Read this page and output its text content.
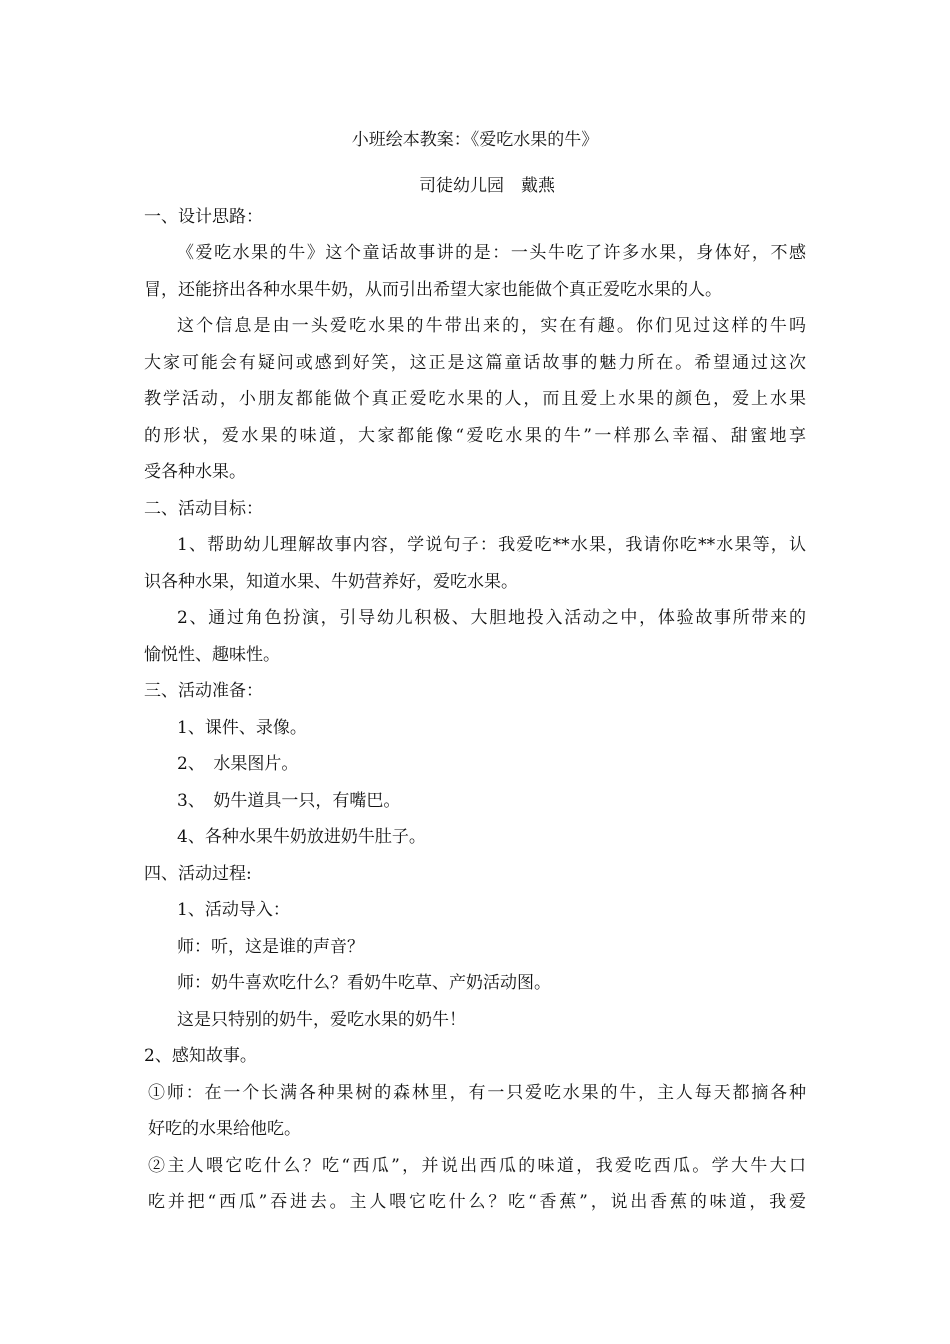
小班绘本教案：《爱吃水果的牛》
司徒幼儿园　戴燕
一、设计思路：
《爱吃水果的牛》这个童话故事讲的是：一头牛吃了许多水果，身体好，不感
冒，还能挤出各种水果牛奶，从而引出希望大家也能做个真正爱吃水果的人。
这个信息是由一头爱吃水果的牛带出来的，实在有趣。你们见过这样的牛吗
大家可能会有疑问或感到好笑，这正是这篇童话故事的魅力所在。希望通过这次
教学活动，小朋友都能做个真正爱吃水果的人，而且爱上水果的颜色，爱上水果
的形状，爱水果的味道，大家都能像“爱吃水果的牛”一样那么幸福、甜蜜地享
受各种水果。
二、活动目标：
1、帮助幼儿理解故事内容，学说句子：我爱吃**水果，我请你吃**水果等，认
识各种水果，知道水果、牛奶营养好，爱吃水果。
2、通过角色扮演，引导幼儿积极、大胆地投入活动之中，体验故事所带来的
愉悦性、趣味性。
三、活动准备：
1、课件、录像。
2、　水果图片。
3、　奶牛道具一只，有嘴巴。
4、各种水果牛奶放进奶牛肚子。
四、活动过程:
1、活动导入：
师：听，这是谁的声音？
师：奶牛喜欢吃什么？看奶牛吃草、产奶活动图。
这是只特别的奶牛，爱吃水果的奶牛！
2、感知故事。
①师：在一个长满各种果树的森林里，有一只爱吃水果的牛，主人每天都摘各种
好吃的水果给他吃。
②主人喂它吃什么？吃“西瓜”，并说出西瓜的味道，我爱吃西瓜。学大牛大口
吃并把“西瓜”吞进去。主人喂它吃什么？吃“香蕉”，说出香蕉的味道，我爱
